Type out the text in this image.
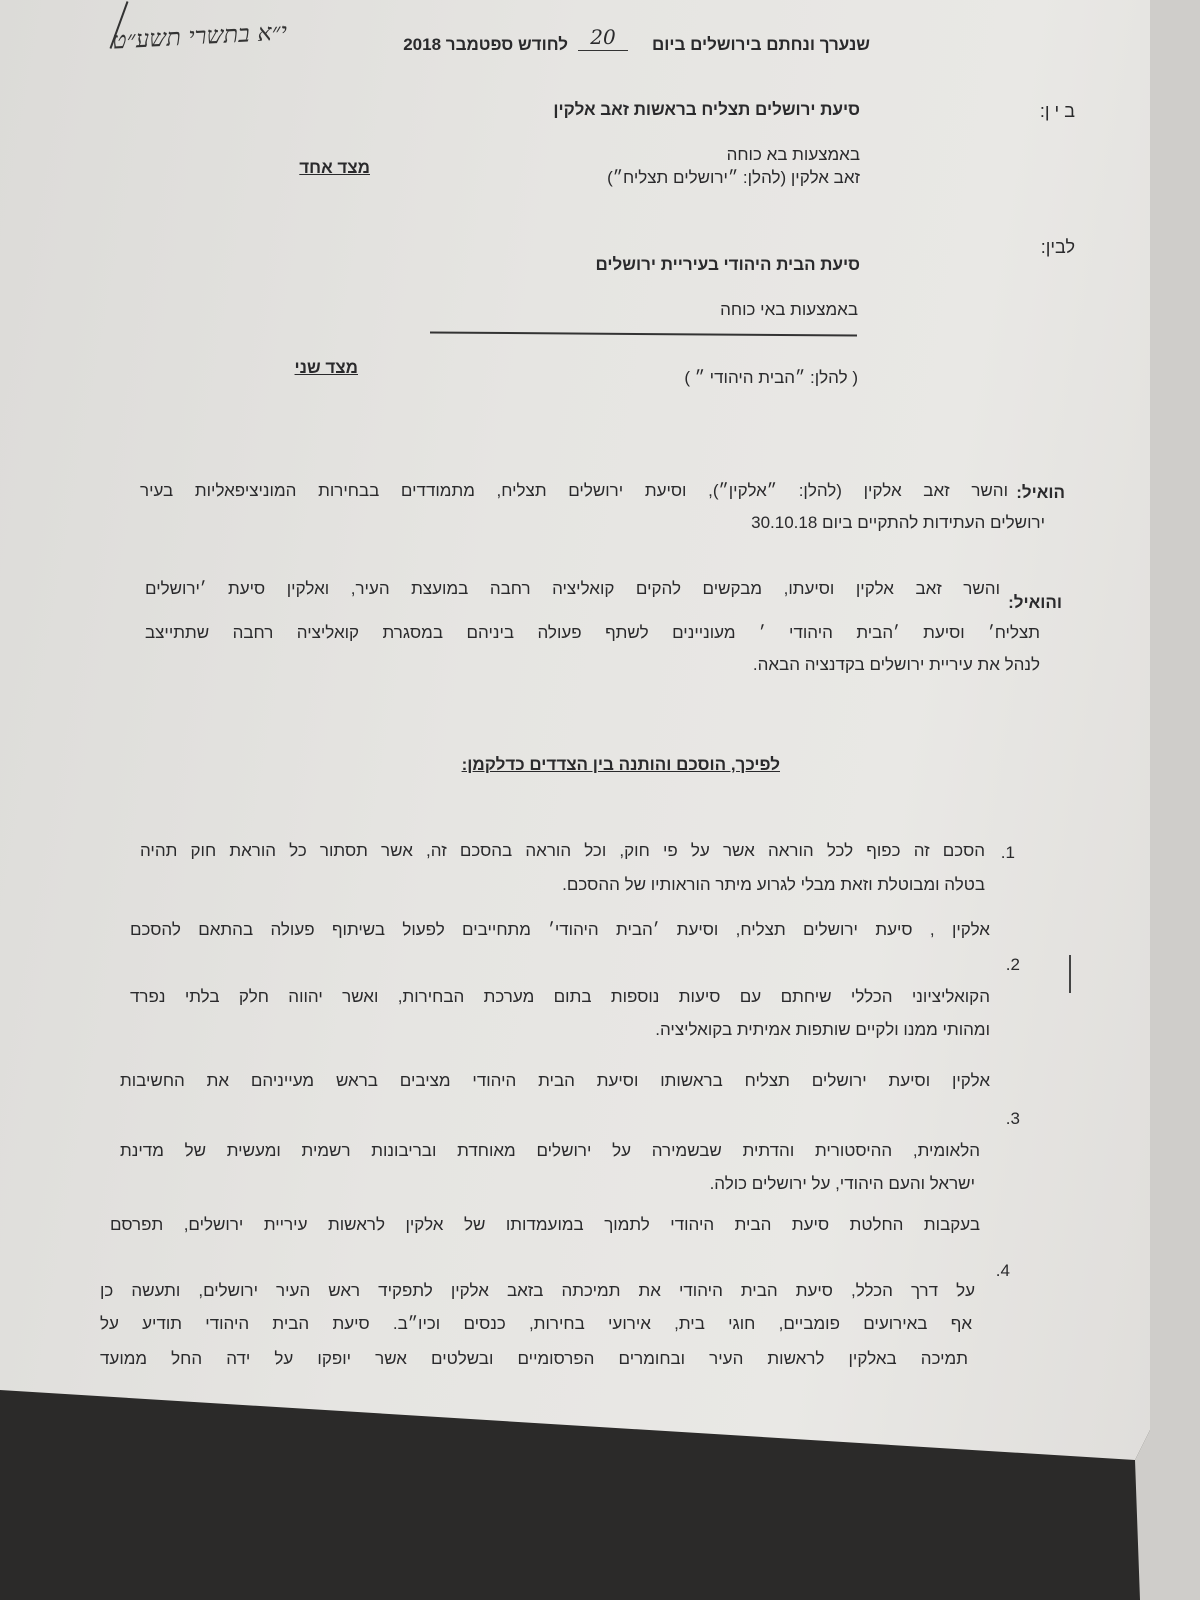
שנערך ונחתם בירושלים ביום
20
לחודש ספטמבר 2018
י״א בתשרי תשע״ט
ב י ן:
סיעת ירושלים תצליח בראשות זאב אלקין
באמצעות בא כוחה
זאב אלקין (להלן: ״ירושלים תצליח״)
מצד אחד
לבין:
סיעת הבית היהודי בעיריית ירושלים
באמצעות באי כוחה
מצד שני
( להלן: ״הבית היהודי ״ )
הואיל:
והשר זאב אלקין (להלן: ״אלקין״), וסיעת ירושלים תצליח, מתמודדים בבחירות המוניציפאליות בעיר
ירושלים העתידות להתקיים ביום 30.10.18
והואיל:
והשר זאב אלקין וסיעתו, מבקשים להקים קואליציה רחבה במועצת העיר, ואלקין סיעת ׳ירושלים
תצליח׳ וסיעת ׳הבית היהודי ׳ מעוניינים לשתף פעולה ביניהם במסגרת קואליציה רחבה שתתייצב
לנהל את עיריית ירושלים בקדנציה הבאה.
לפיכך, הוסכם והותנה בין הצדדים כדלקמן:
1.
הסכם זה כפוף לכל הוראה אשר על פי חוק, וכל הוראה בהסכם זה, אשר תסתור כל הוראת חוק תהיה
בטלה ומבוטלת וזאת מבלי לגרוע מיתר הוראותיו של ההסכם.
2.
אלקין , סיעת ירושלים תצליח, וסיעת ׳הבית היהודי׳ מתחייבים לפעול בשיתוף פעולה בהתאם להסכם
הקואליציוני הכללי שיחתם עם סיעות נוספות בתום מערכת הבחירות, ואשר יהווה חלק בלתי נפרד
ומהותי ממנו ולקיים שותפות אמיתית בקואליציה.
3.
אלקין וסיעת ירושלים תצליח בראשותו וסיעת הבית היהודי מציבים בראש מעייניהם את החשיבות
הלאומית, ההיסטורית והדתית שבשמירה על ירושלים מאוחדת ובריבונות רשמית ומעשית של מדינת
ישראל והעם היהודי, על ירושלים כולה.
4.
בעקבות החלטת סיעת הבית היהודי לתמוך במועמדותו של אלקין לראשות עיריית ירושלים, תפרסם
על דרך הכלל, סיעת הבית היהודי את תמיכתה בזאב אלקין לתפקיד ראש העיר ירושלים, ותעשה כן
אף באירועים פומביים, חוגי בית, אירועי בחירות, כנסים וכיו״ב. סיעת הבית היהודי תודיע על
תמיכה באלקין לראשות העיר ובחומרים הפרסומיים ובשלטים אשר יופקו על ידה החל ממועד
